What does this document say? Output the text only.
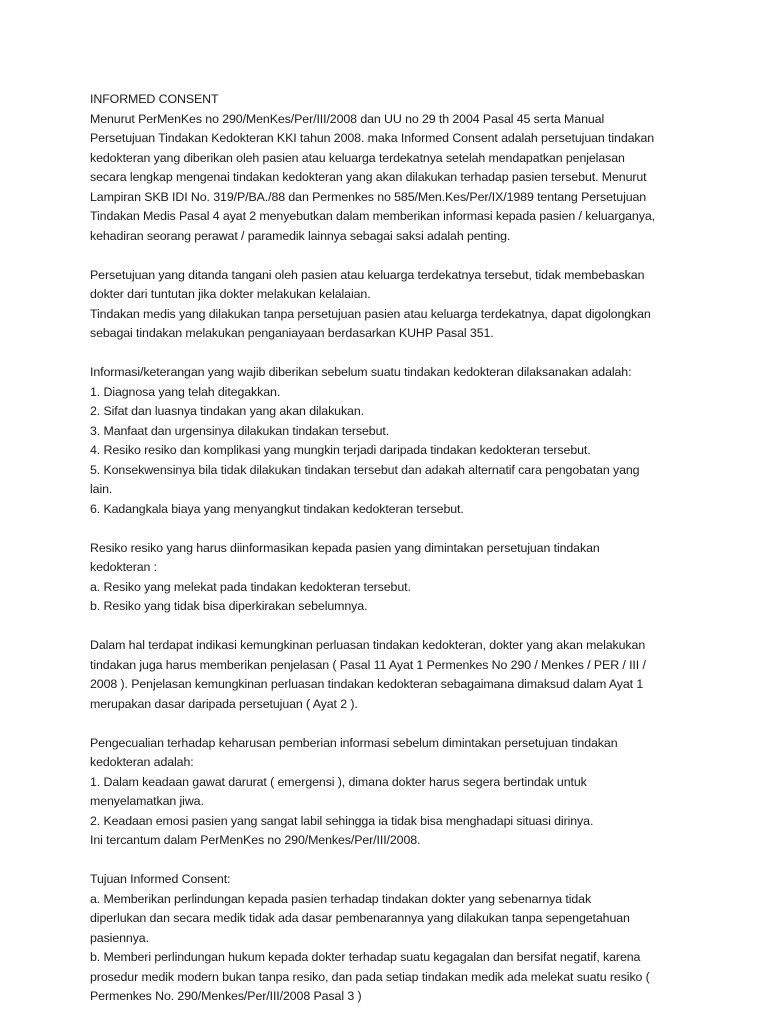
INFORMED CONSENT
Menurut PerMenKes no 290/MenKes/Per/III/2008 dan UU no 29 th 2004 Pasal 45 serta Manual
Persetujuan Tindakan Kedokteran KKI tahun 2008. maka Informed Consent adalah persetujuan tindakan
kedokteran yang diberikan oleh pasien atau keluarga terdekatnya setelah mendapatkan penjelasan
secara lengkap mengenai tindakan kedokteran yang akan dilakukan terhadap pasien tersebut. Menurut
Lampiran SKB IDI No. 319/P/BA./88 dan Permenkes no 585/Men.Kes/Per/IX/1989 tentang Persetujuan
Tindakan Medis Pasal 4 ayat 2 menyebutkan dalam memberikan informasi kepada pasien / keluarganya,
kehadiran seorang perawat / paramedik lainnya sebagai saksi adalah penting.
Persetujuan yang ditanda tangani oleh pasien atau keluarga terdekatnya tersebut, tidak membebaskan
dokter dari tuntutan jika dokter melakukan kelalaian.
Tindakan medis yang dilakukan tanpa persetujuan pasien atau keluarga terdekatnya, dapat digolongkan
sebagai tindakan melakukan penganiayaan berdasarkan KUHP Pasal 351.
Informasi/keterangan yang wajib diberikan sebelum suatu tindakan kedokteran dilaksanakan adalah:
1. Diagnosa yang telah ditegakkan.
2. Sifat dan luasnya tindakan yang akan dilakukan.
3. Manfaat dan urgensinya dilakukan tindakan tersebut.
4. Resiko resiko dan komplikasi yang mungkin terjadi daripada tindakan kedokteran tersebut.
5. Konsekwensinya bila tidak dilakukan tindakan tersebut dan adakah alternatif cara pengobatan yang
lain.
6. Kadangkala biaya yang menyangkut tindakan kedokteran tersebut.
Resiko resiko yang harus diinformasikan kepada pasien yang dimintakan persetujuan tindakan
kedokteran :
a. Resiko yang melekat pada tindakan kedokteran tersebut.
b. Resiko yang tidak bisa diperkirakan sebelumnya.
Dalam hal terdapat indikasi kemungkinan perluasan tindakan kedokteran, dokter yang akan melakukan
tindakan juga harus memberikan penjelasan ( Pasal 11 Ayat 1 Permenkes No 290 / Menkes / PER / III /
2008 ). Penjelasan kemungkinan perluasan tindakan kedokteran sebagaimana dimaksud dalam Ayat 1
merupakan dasar daripada persetujuan ( Ayat 2 ).
Pengecualian terhadap keharusan pemberian informasi sebelum dimintakan persetujuan tindakan
kedokteran adalah:
1. Dalam keadaan gawat darurat ( emergensi ), dimana dokter harus segera bertindak untuk
menyelamatkan jiwa.
2. Keadaan emosi pasien yang sangat labil sehingga ia tidak bisa menghadapi situasi dirinya.
Ini tercantum dalam PerMenKes no 290/Menkes/Per/III/2008.
Tujuan Informed Consent:
a. Memberikan perlindungan kepada pasien terhadap tindakan dokter yang sebenarnya tidak
diperlukan dan secara medik tidak ada dasar pembenarannya yang dilakukan tanpa sepengetahuan
pasiennya.
b. Memberi perlindungan hukum kepada dokter terhadap suatu kegagalan dan bersifat negatif, karena
prosedur medik modern bukan tanpa resiko, dan pada setiap tindakan medik ada melekat suatu resiko (
Permenkes No. 290/Menkes/Per/III/2008 Pasal 3 )
